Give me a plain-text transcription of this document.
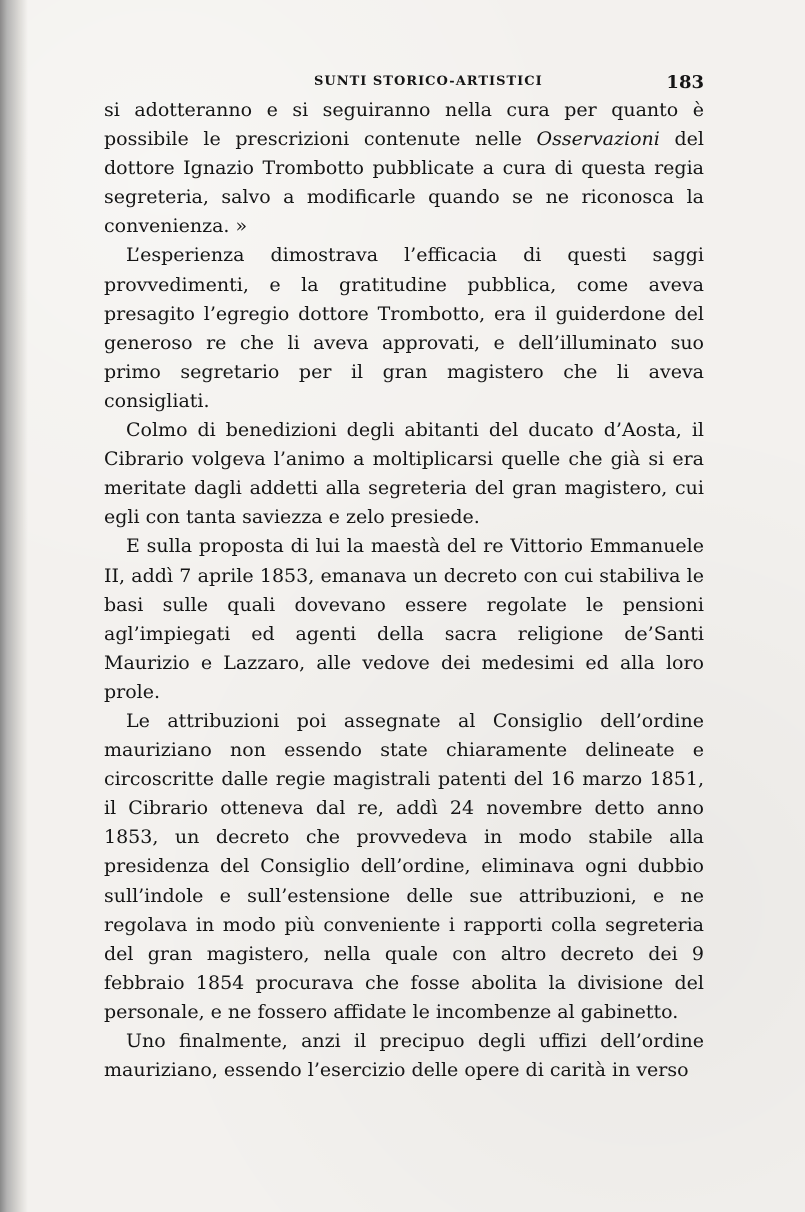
SUNTI STORICO-ARTISTICI	183

si adotteranno e si seguiranno nella cura per quanto è possibile le prescrizioni contenute nelle Osservazioni del dottore Ignazio Trombotto pubblicate a cura di questa regia segreteria, salvo a modificarle quando se ne riconosca la convenienza. »

L’esperienza dimostrava l’efficacia di questi saggi provvedimenti, e la gratitudine pubblica, come aveva presagito l’egregio dottore Trombotto, era il guiderdone del generoso re che li aveva approvati, e dell’illuminato suo primo segretario per il gran magistero che li aveva consigliati.

Colmo di benedizioni degli abitanti del ducato d’Aosta, il Cibrario volgeva l’animo a moltiplicarsi quelle che già si era meritate dagli addetti alla segreteria del gran magistero, cui egli con tanta saviezza e zelo presiede.

E sulla proposta di lui la maestà del re Vittorio Emmanuele II, addì 7 aprile 1853, emanava un decreto con cui stabiliva le basi sulle quali dovevano essere regolate le pensioni agl’impiegati ed agenti della sacra religione de’Santi Maurizio e Lazzaro, alle vedove dei medesimi ed alla loro prole.

Le attribuzioni poi assegnate al Consiglio dell’ordine mauriziano non essendo state chiaramente delineate e circoscritte dalle regie magistrali patenti del 16 marzo 1851, il Cibrario otteneva dal re, addì 24 novembre detto anno 1853, un decreto che provvedeva in modo stabile alla presidenza del Consiglio dell’ordine, eliminava ogni dubbio sull’indole e sull’estensione delle sue attribuzioni, e ne regolava in modo più conveniente i rapporti colla segreteria del gran magistero, nella quale con altro decreto dei 9 febbraio 1854 procurava che fosse abolita la divisione del personale, e ne fossero affidate le incombenze al gabinetto.

Uno finalmente, anzi il precipuo degli uffizi dell’ordine mauriziano, essendo l’esercizio delle opere di carità in verso
